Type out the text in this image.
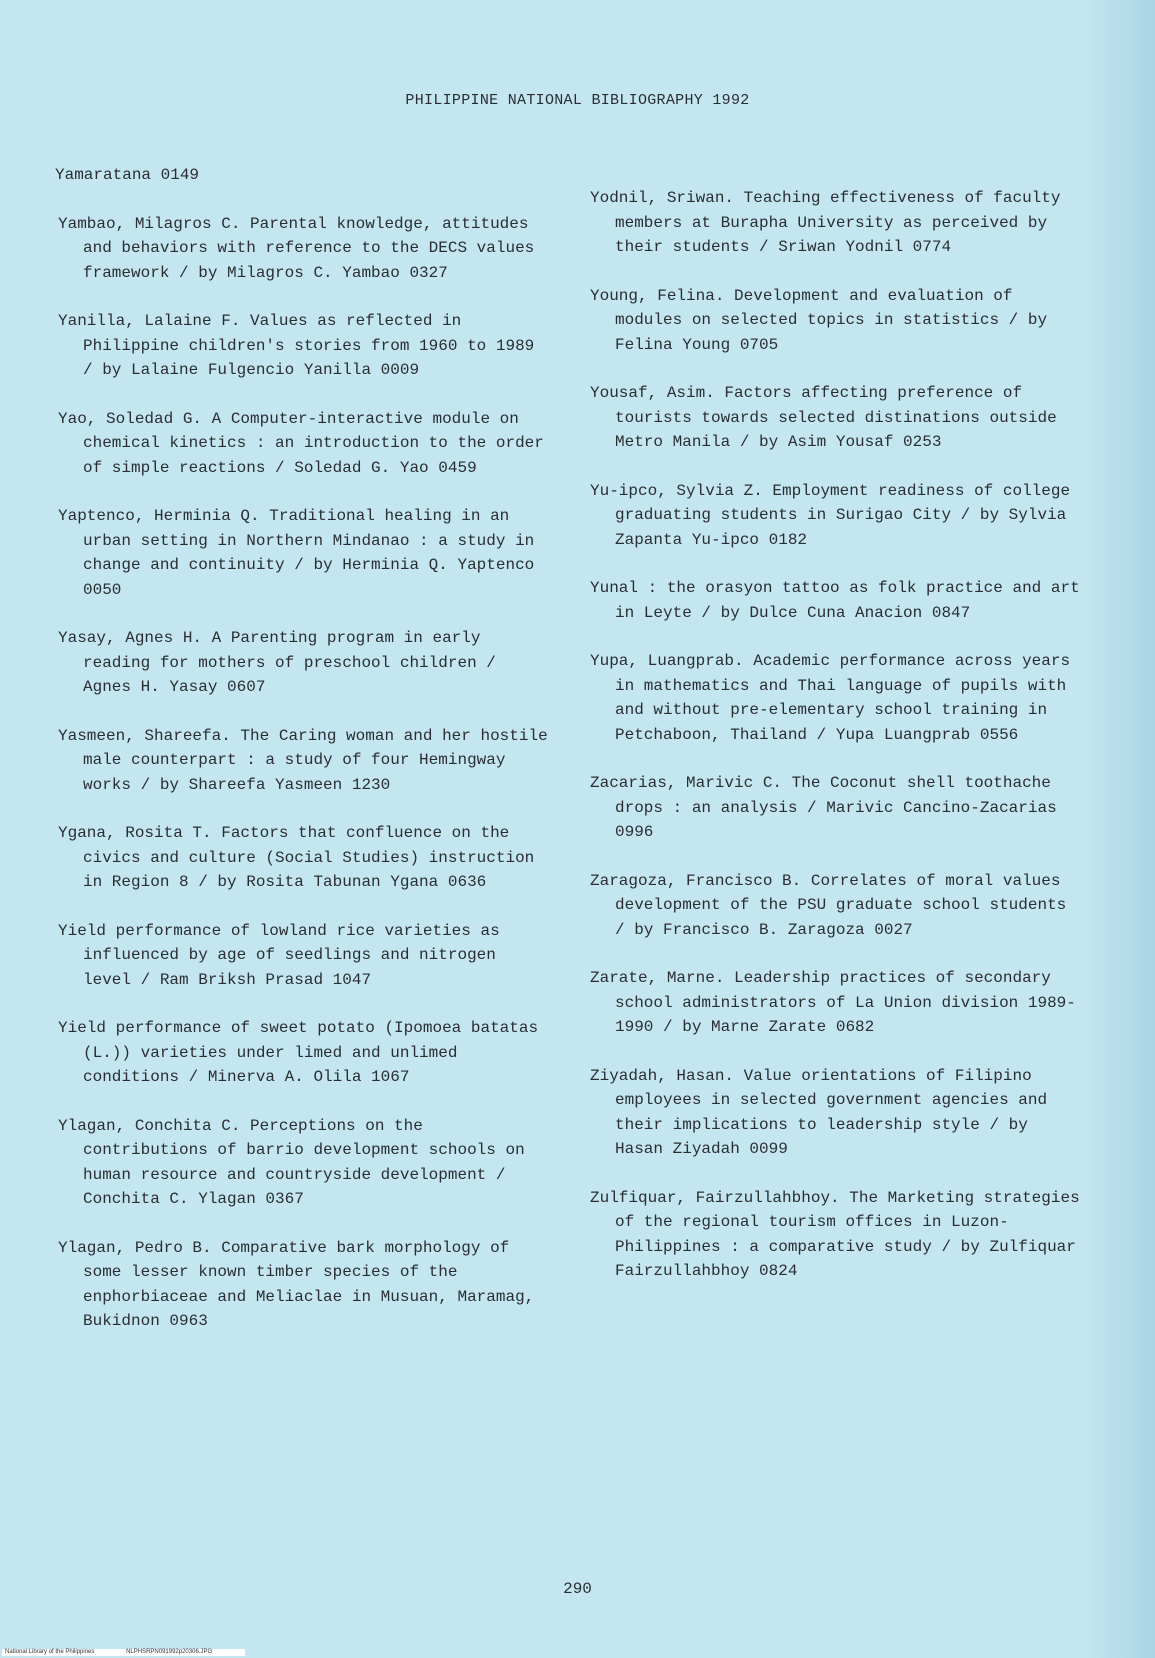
PHILIPPINE NATIONAL BIBLIOGRAPHY 1992
Yamaratana 0149
Yambao, Milagros C. Parental knowledge, attitudes and behaviors with reference to the DECS values framework / by Milagros C. Yambao 0327
Yanilla, Lalaine F. Values as reflected in Philippine children's stories from 1960 to 1989 / by Lalaine Fulgencio Yanilla 0009
Yao, Soledad G. A Computer-interactive module on chemical kinetics : an introduction to the order of simple reactions / Soledad G. Yao 0459
Yaptenco, Herminia Q. Traditional healing in an urban setting in Northern Mindanao : a study in change and continuity / by Herminia Q. Yaptenco 0050
Yasay, Agnes H. A Parenting program in early reading for mothers of preschool children / Agnes H. Yasay 0607
Yasmeen, Shareefa. The Caring woman and her hostile male counterpart : a study of four Hemingway works / by Shareefa Yasmeen 1230
Ygana, Rosita T. Factors that confluence on the civics and culture (Social Studies) instruction in Region 8 / by Rosita Tabunan Ygana 0636
Yield performance of lowland rice varieties as influenced by age of seedlings and nitrogen level / Ram Briksh Prasad 1047
Yield performance of sweet potato (Ipomoea batatas (L.)) varieties under limed and unlimed conditions / Minerva A. Olila 1067
Ylagan, Conchita C. Perceptions on the contributions of barrio development schools on human resource and countryside development / Conchita C. Ylagan 0367
Ylagan, Pedro B. Comparative bark morphology of some lesser known timber species of the enphorbiaceae and Meliaclae in Musuan, Maramag, Bukidnon 0963
Yodnil, Sriwan. Teaching effectiveness of faculty members at Burapha University as perceived by their students / Sriwan Yodnil 0774
Young, Felina. Development and evaluation of modules on selected topics in statistics / by Felina Young 0705
Yousaf, Asim. Factors affecting preference of tourists towards selected distinations outside Metro Manila / by Asim Yousaf 0253
Yu-ipco, Sylvia Z. Employment readiness of college graduating students in Surigao City / by Sylvia Zapanta Yu-ipco 0182
Yunal : the orasyon tattoo as folk practice and art in Leyte / by Dulce Cuna Anacion 0847
Yupa, Luangprab. Academic performance across years in mathematics and Thai language of pupils with and without pre-elementary school training in Petchaboon, Thailand / Yupa Luangprab 0556
Zacarias, Marivic C. The Coconut shell toothache drops : an analysis / Marivic Cancino-Zacarias 0996
Zaragoza, Francisco B. Correlates of moral values development of the PSU graduate school students / by Francisco B. Zaragoza 0027
Zarate, Marne. Leadership practices of secondary school administrators of La Union division 1989-1990 / by Marne Zarate 0682
Ziyadah, Hasan. Value orientations of Filipino employees in selected government agencies and their implications to leadership style / by Hasan Ziyadah 0099
Zulfiquar, Fairzullahbhoy. The Marketing strategies of the regional tourism offices in Luzon-Philippines : a comparative study / by Zulfiquar Fairzullahbhoy 0824
290
National Library of the Philippines	NLPHSRPN091992p20306.JPG
